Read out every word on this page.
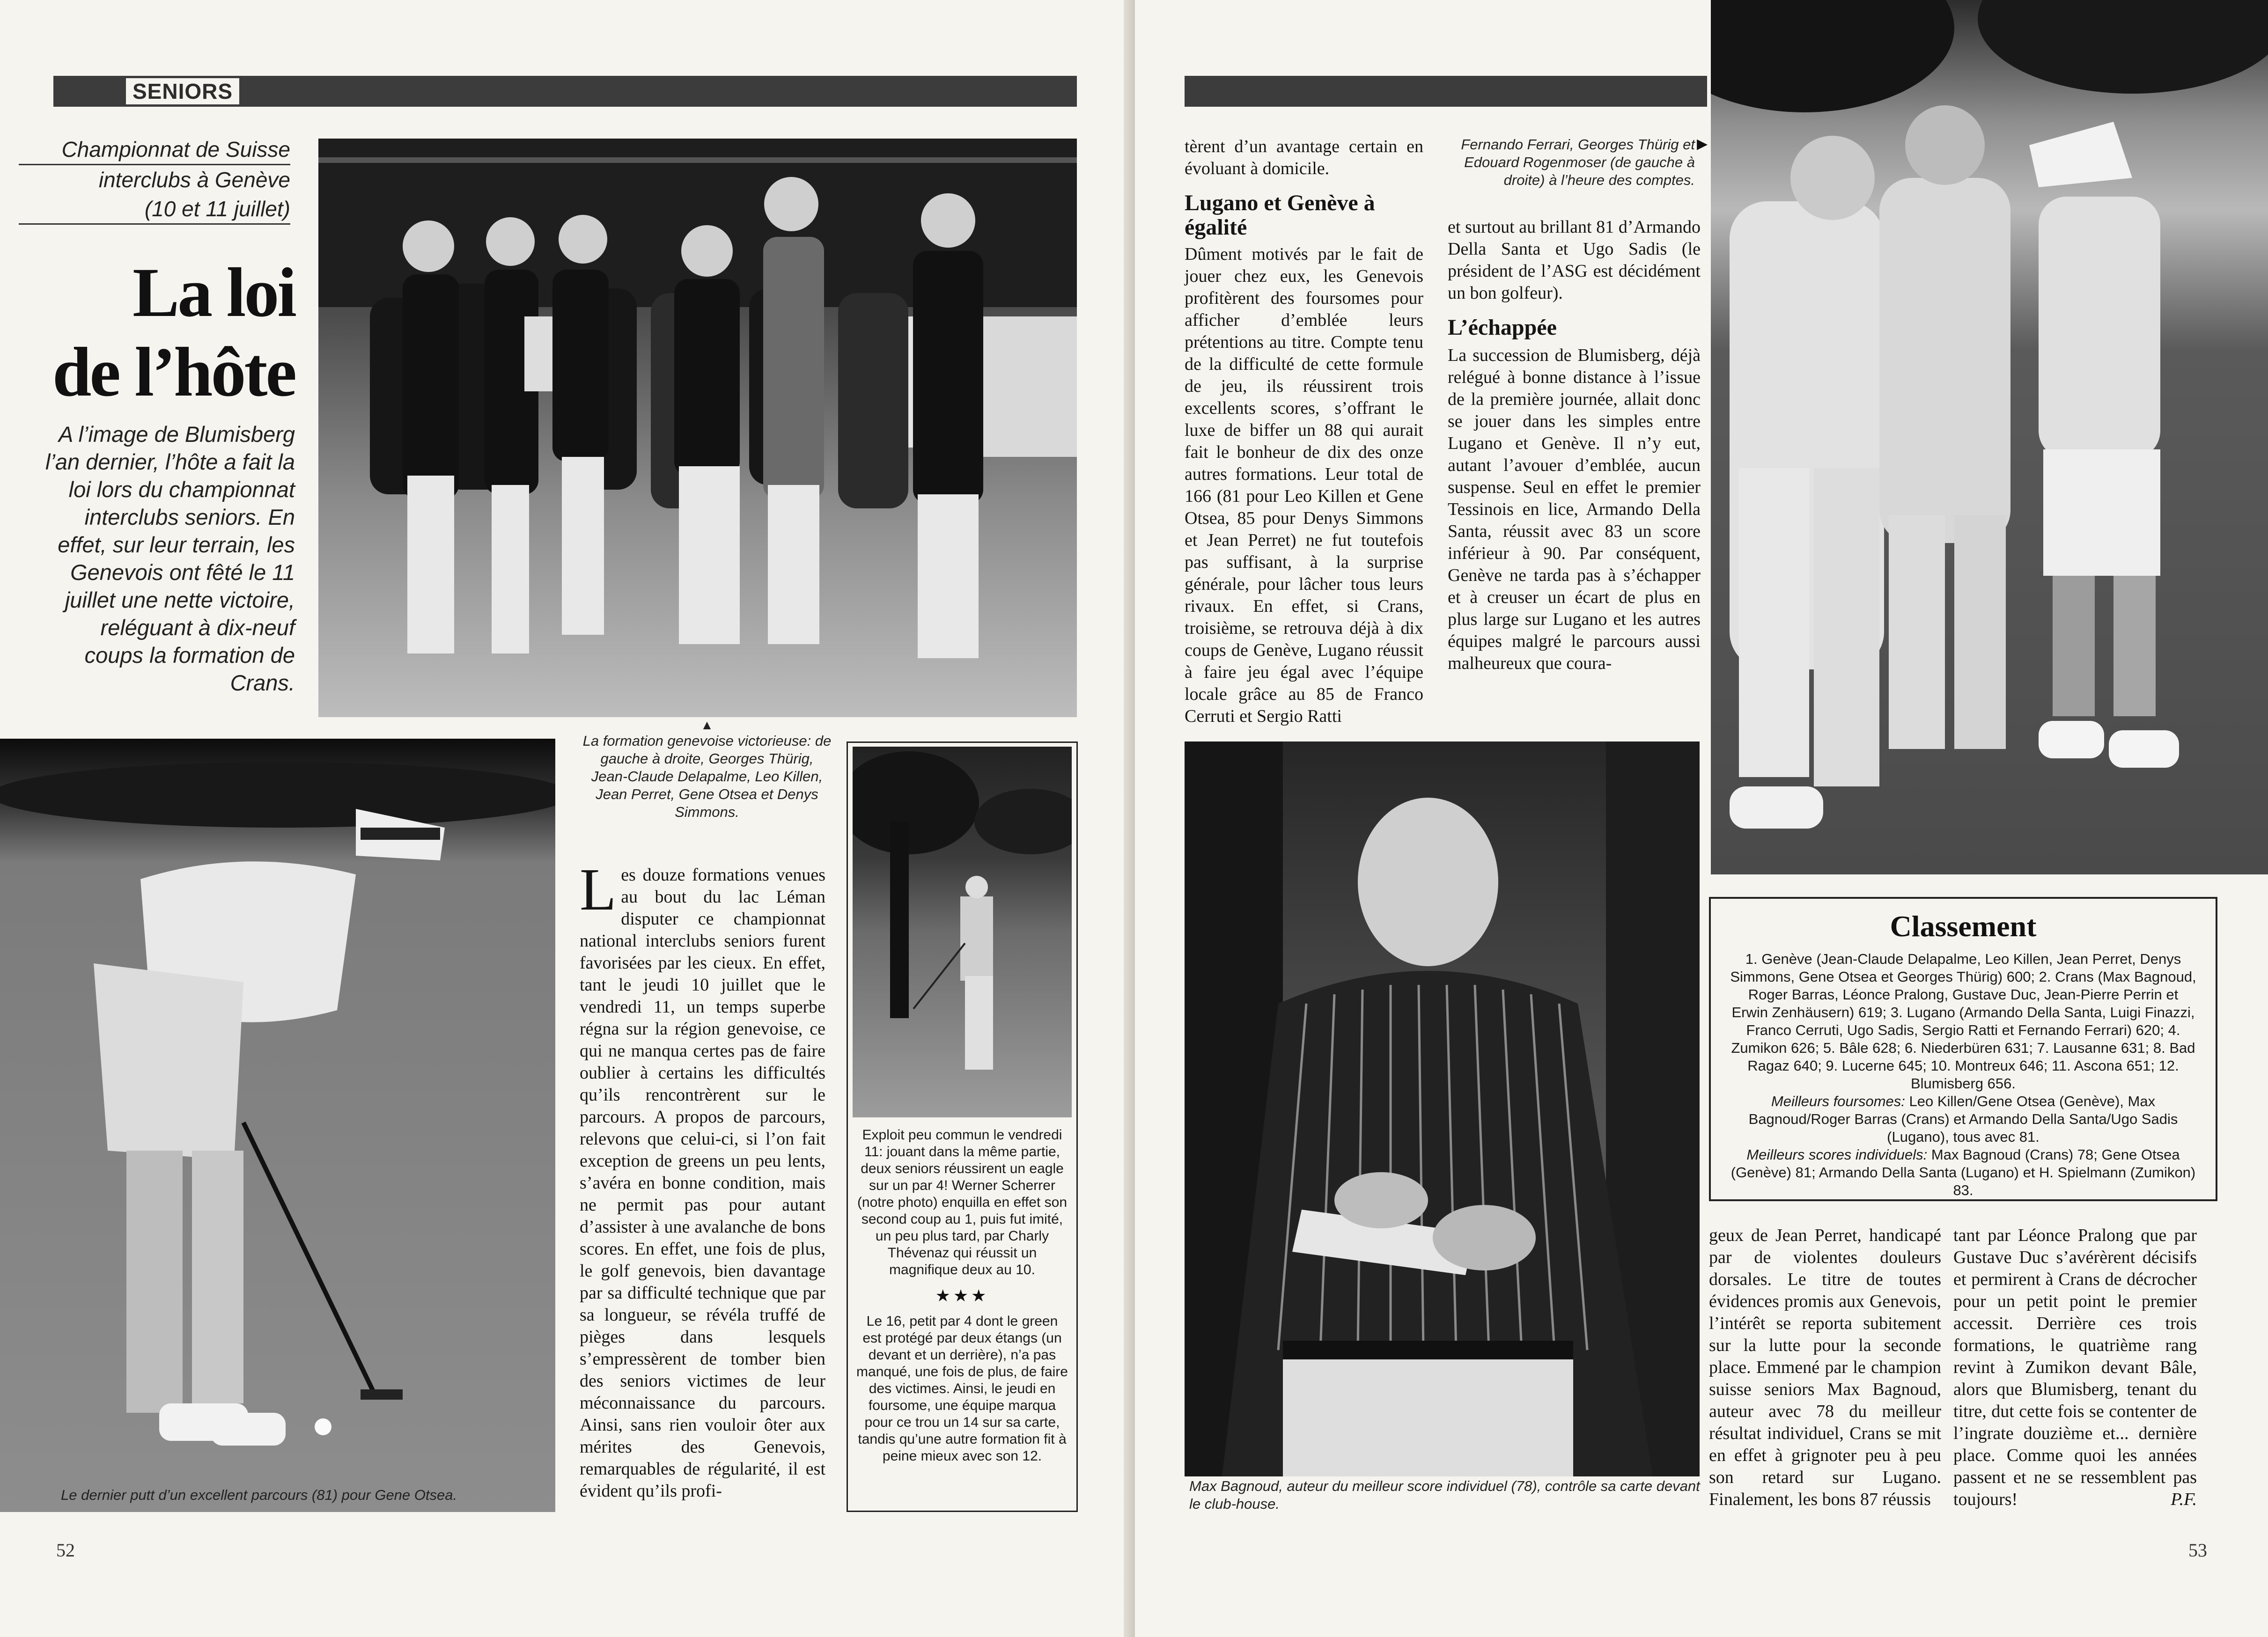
SENIORS
Championnat de Suisse
interclubs à Genève
(10 et 11 juillet)
La loi
de l’hôte
A l’image de Blumisberg l’an dernier, l’hôte a fait la loi lors du championnat interclubs seniors. En effet, sur leur terrain, les Genevois ont fêté le 11 juillet une nette victoire, reléguant à dix-neuf coups la formation de Crans.
▲
La formation genevoise victorieuse: de gauche à droite, Georges Thürig, Jean-Claude Delapalme, Leo Killen, Jean Perret, Gene Otsea et Denys Simmons.
Le dernier putt d’un excellent parcours (81) pour Gene Otsea.
Les douze formations venues au bout du lac Léman disputer ce championnat national interclubs seniors furent favorisées par les cieux. En effet, tant le jeudi 10 juillet que le vendredi 11, un temps superbe régna sur la région genevoise, ce qui ne manqua certes pas de faire oublier à certains les difficultés qu’ils rencontrèrent sur le parcours. A propos de parcours, relevons que celui-ci, si l’on fait exception de greens un peu lents, s’avéra en bonne condition, mais ne permit pas pour autant d’assister à une avalanche de bons scores. En effet, une fois de plus, le golf genevois, bien davantage par sa difficulté technique que par sa longueur, se révéla truffé de pièges dans lesquels s’empressèrent de tomber bien des seniors victimes de leur méconnaissance du parcours. Ainsi, sans rien vouloir ôter aux mérites des Genevois, remarquables de régularité, il est évident qu’ils profi-
Exploit peu commun le vendredi 11: jouant dans la même partie, deux seniors réussirent un eagle sur un par 4! Werner Scherrer (notre photo) enquilla en effet son second coup au 1, puis fut imité, un peu plus tard, par Charly Thévenaz qui réussit un magnifique deux au 10.
★★★
Le 16, petit par 4 dont le green est protégé par deux étangs (un devant et un derrière), n’a pas manqué, une fois de plus, de faire des victimes. Ainsi, le jeudi en foursome, une équipe marqua pour ce trou un 14 sur sa carte, tandis qu’une autre formation fit à peine mieux avec son 12.
52

tèrent d’un avantage certain en évoluant à domicile.

Lugano et Genève à égalité

Dûment motivés par le fait de jouer chez eux, les Genevois profitèrent des foursomes pour afficher d’emblée leurs prétentions au titre. Compte tenu de la difficulté de cette formule de jeu, ils réussirent trois excellents scores, s’offrant le luxe de biffer un 88 qui aurait fait le bonheur de dix des onze autres formations. Leur total de 166 (81 pour Leo Killen et Gene Otsea, 85 pour Denys Simmons et Jean Perret) ne fut toutefois pas suffisant, à la surprise générale, pour lâcher tous leurs rivaux. En effet, si Crans, troisième, se retrouva déjà à dix coups de Genève, Lugano réussit à faire jeu égal avec l’équipe locale grâce au 85 de Franco Cerruti et Sergio Ratti

Fernando Ferrari, Georges Thürig et Edouard Rogenmoser (de gauche à droite) à l’heure des comptes.
▶

et surtout au brillant 81 d’Armando Della Santa et Ugo Sadis (le président de l’ASG est décidément un bon golfeur).

L’échappée

La succession de Blumisberg, déjà relégué à bonne distance à l’issue de la première journée, allait donc se jouer dans les simples entre Lugano et Genève. Il n’y eut, autant l’avouer d’emblée, aucun suspense. Seul en effet le premier Tessinois en lice, Armando Della Santa, réussit avec 83 un score inférieur à 90. Par conséquent, Genève ne tarda pas à s’échapper et à creuser un écart de plus en plus large sur Lugano et les autres équipes malgré le parcours aussi malheureux que coura-

Max Bagnoud, auteur du meilleur score individuel (78), contrôle sa carte devant le club-house.
Classement
1. Genève (Jean-Claude Delapalme, Leo Killen, Jean Perret, Denys Simmons, Gene Otsea et Georges Thürig) 600; 2. Crans (Max Bagnoud, Roger Barras, Léonce Pralong, Gustave Duc, Jean-Pierre Perrin et Erwin Zenhäusern) 619; 3. Lugano (Armando Della Santa, Luigi Finazzi, Franco Cerruti, Ugo Sadis, Sergio Ratti et Fernando Ferrari) 620; 4. Zumikon 626; 5. Bâle 628; 6. Niederbüren 631; 7. Lausanne 631; 8. Bad Ragaz 640; 9. Lucerne 645; 10. Montreux 646; 11. Ascona 651; 12. Blumisberg 656.
Meilleurs foursomes: Leo Killen/Gene Otsea (Genève), Max Bagnoud/Roger Barras (Crans) et Armando Della Santa/Ugo Sadis (Lugano), tous avec 81.
Meilleurs scores individuels: Max Bagnoud (Crans) 78; Gene Otsea (Genève) 81; Armando Della Santa (Lugano) et H. Spielmann (Zumikon) 83.
geux de Jean Perret, handicapé par de violentes douleurs dorsales. Le titre de toutes évidences promis aux Genevois, l’intérêt se reporta subitement sur la lutte pour la seconde place. Emmené par le champion suisse seniors Max Bagnoud, auteur avec 78 du meilleur résultat individuel, Crans se mit en effet à grignoter peu à peu son retard sur Lugano. Finalement, les bons 87 réussis
tant par Léonce Pralong que par Gustave Duc s’avérèrent décisifs et permirent à Crans de décrocher pour un petit point le premier accessit. Derrière ces trois formations, le quatrième rang revint à Zumikon devant Bâle, alors que Blumisberg, tenant du titre, dut cette fois se contenter de l’ingrate douzième et... dernière place. Comme quoi les années passent et ne se ressemblent pas toujours!	P.F.
53
